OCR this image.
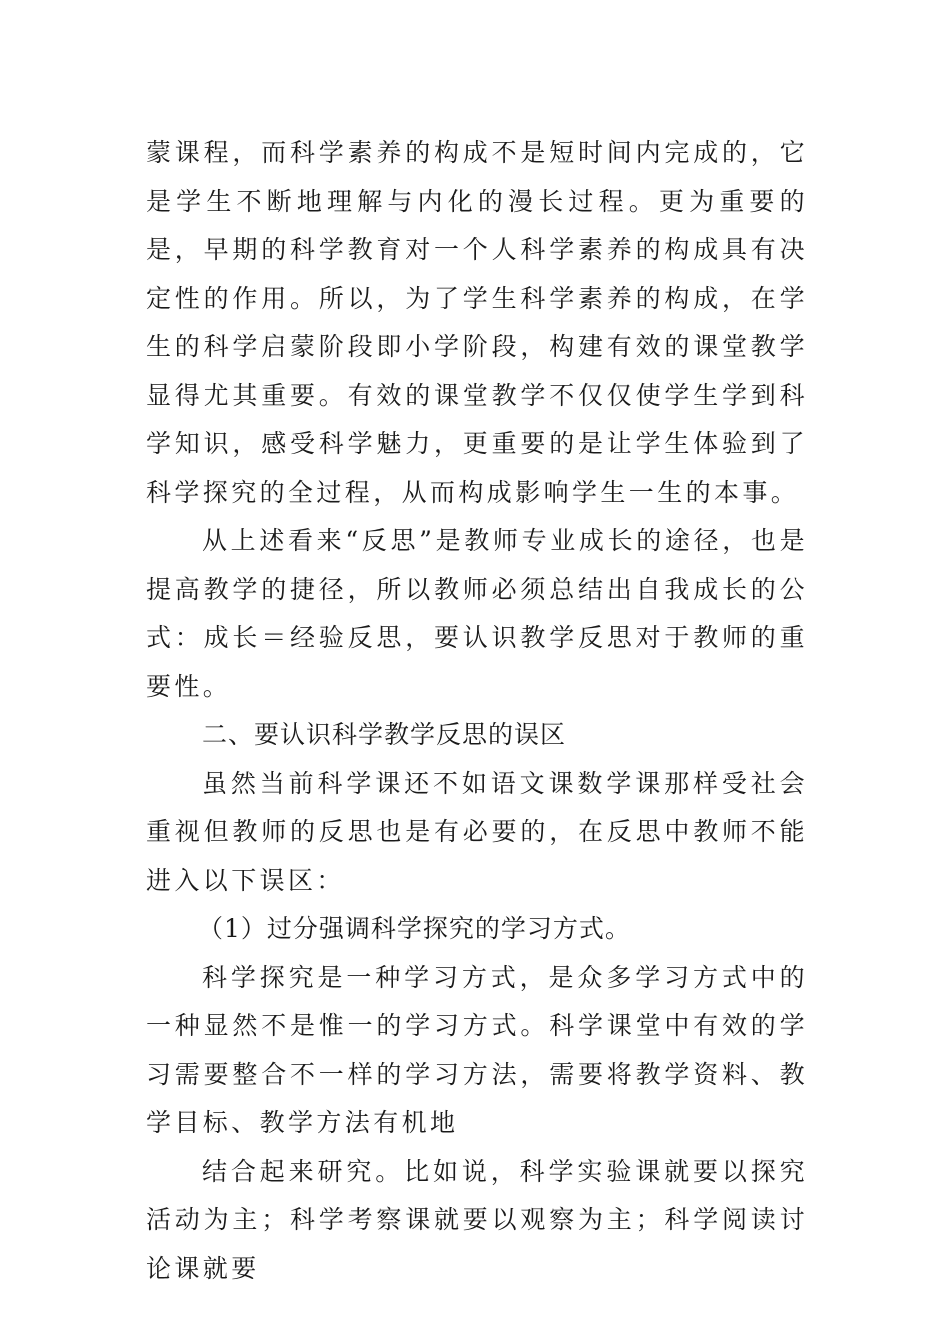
蒙课程，而科学素养的构成不是短时间内完成的，它是学生不断地理解与内化的漫长过程。更为重要的是，早期的科学教育对一个人科学素养的构成具有决定性的作用。所以，为了学生科学素养的构成，在学生的科学启蒙阶段即小学阶段，构建有效的课堂教学显得尤其重要。有效的课堂教学不仅仅使学生学到科学知识，感受科学魅力，更重要的是让学生体验到了科学探究的全过程，从而构成影响学生一生的本事。

从上述看来“反思”是教师专业成长的途径，也是提高教学的捷径，所以教师必须总结出自我成长的公式：成长＝经验反思，要认识教学反思对于教师的重要性。

二、要认识科学教学反思的误区

虽然当前科学课还不如语文课数学课那样受社会重视但教师的反思也是有必要的，在反思中教师不能进入以下误区：

（1）过分强调科学探究的学习方式。

科学探究是一种学习方式，是众多学习方式中的一种显然不是惟一的学习方式。科学课堂中有效的学习需要整合不一样的学习方法，需要将教学资料、教学目标、教学方法有机地

结合起来研究。比如说，科学实验课就要以探究活动为主；科学考察课就要以观察为主；科学阅读讨论课就要
